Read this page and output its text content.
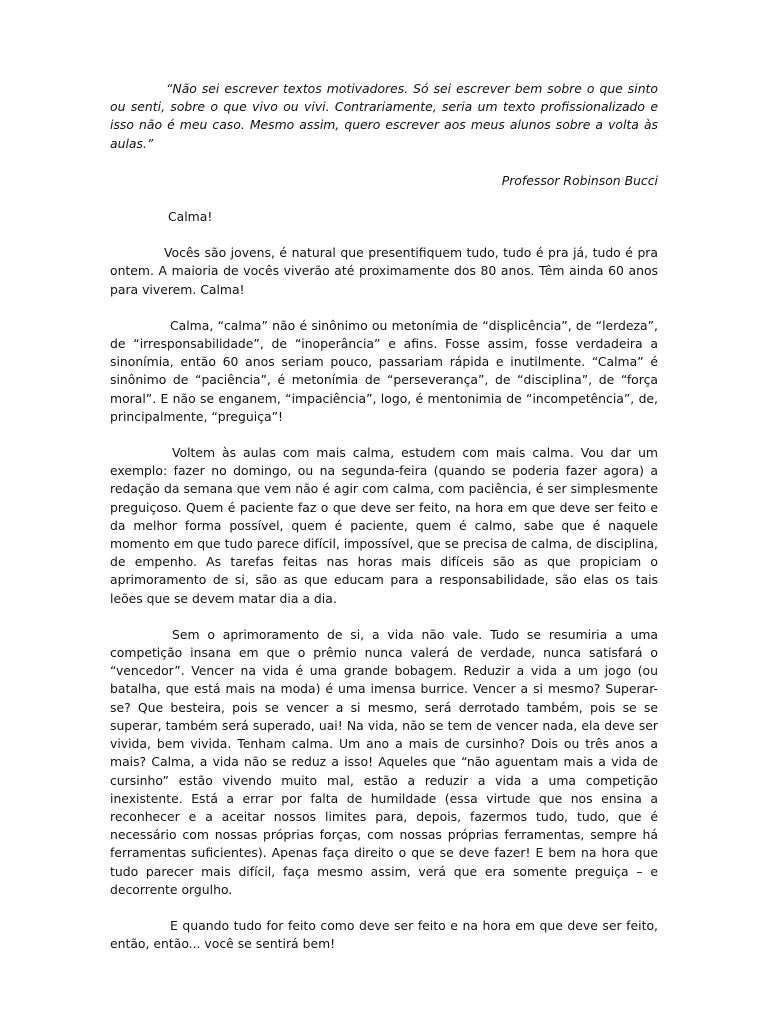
“Não sei escrever textos motivadores. Só sei escrever bem sobre o que sinto ou senti, sobre o que vivo ou vivi. Contrariamente, seria um texto profissionalizado e isso não é meu caso. Mesmo assim, quero escrever aos meus alunos sobre a volta às aulas.”

Professor Robinson Bucci

Calma!

Vocês são jovens, é natural que presentifiquem tudo, tudo é pra já, tudo é pra ontem. A maioria de vocês viverão até proximamente dos 80 anos. Têm ainda 60 anos para viverem. Calma!

Calma, “calma” não é sinônimo ou metonímia de “displicência”, de “lerdeza”, de “irresponsabilidade”, de “inoperância” e afins. Fosse assim, fosse verdadeira a sinonímia, então 60 anos seriam pouco, passariam rápida e inutilmente. “Calma” é sinônimo de “paciência”, é metonímia de “perseverança”, de “disciplina”, de “força moral”. E não se enganem, “impaciência”, logo, é mentonimia de “incompetência”, de, principalmente, “preguiça”!

Voltem às aulas com mais calma, estudem com mais calma. Vou dar um exemplo: fazer no domingo, ou na segunda-feira (quando se poderia fazer agora) a redação da semana que vem não é agir com calma, com paciência, é ser simplesmente preguiçoso. Quem é paciente faz o que deve ser feito, na hora em que deve ser feito e da melhor forma possível, quem é paciente, quem é calmo, sabe que é naquele momento em que tudo parece difícil, impossível, que se precisa de calma, de disciplina, de empenho. As tarefas feitas nas horas mais difíceis são as que propiciam o aprimoramento de si, são as que educam para a responsabilidade, são elas os tais leões que se devem matar dia a dia.

Sem o aprimoramento de si, a vida não vale. Tudo se resumiria a uma competição insana em que o prêmio nunca valerá de verdade, nunca satisfará o “vencedor”. Vencer na vida é uma grande bobagem. Reduzir a vida a um jogo (ou batalha, que está mais na moda) é uma imensa burrice. Vencer a si mesmo? Superar-se? Que besteira, pois se vencer a si mesmo, será derrotado também, pois se se superar, também será superado, uai! Na vida, não se tem de vencer nada, ela deve ser vivida, bem vivida. Tenham calma. Um ano a mais de cursinho? Dois ou três anos a mais? Calma, a vida não se reduz a isso! Aqueles que “não aguentam mais a vida de cursinho” estão vivendo muito mal, estão a reduzir a vida a uma competição inexistente. Está a errar por falta de humildade (essa virtude que nos ensina a reconhecer e a aceitar nossos limites para, depois, fazermos tudo, tudo, que é necessário com nossas próprias forças, com nossas próprias ferramentas, sempre há ferramentas suficientes). Apenas faça direito o que se deve fazer! E bem na hora que tudo parecer mais difícil, faça mesmo assim, verá que era somente preguiça – e decorrente orgulho.

E quando tudo for feito como deve ser feito e na hora em que deve ser feito, então, então... você se sentirá bem!
